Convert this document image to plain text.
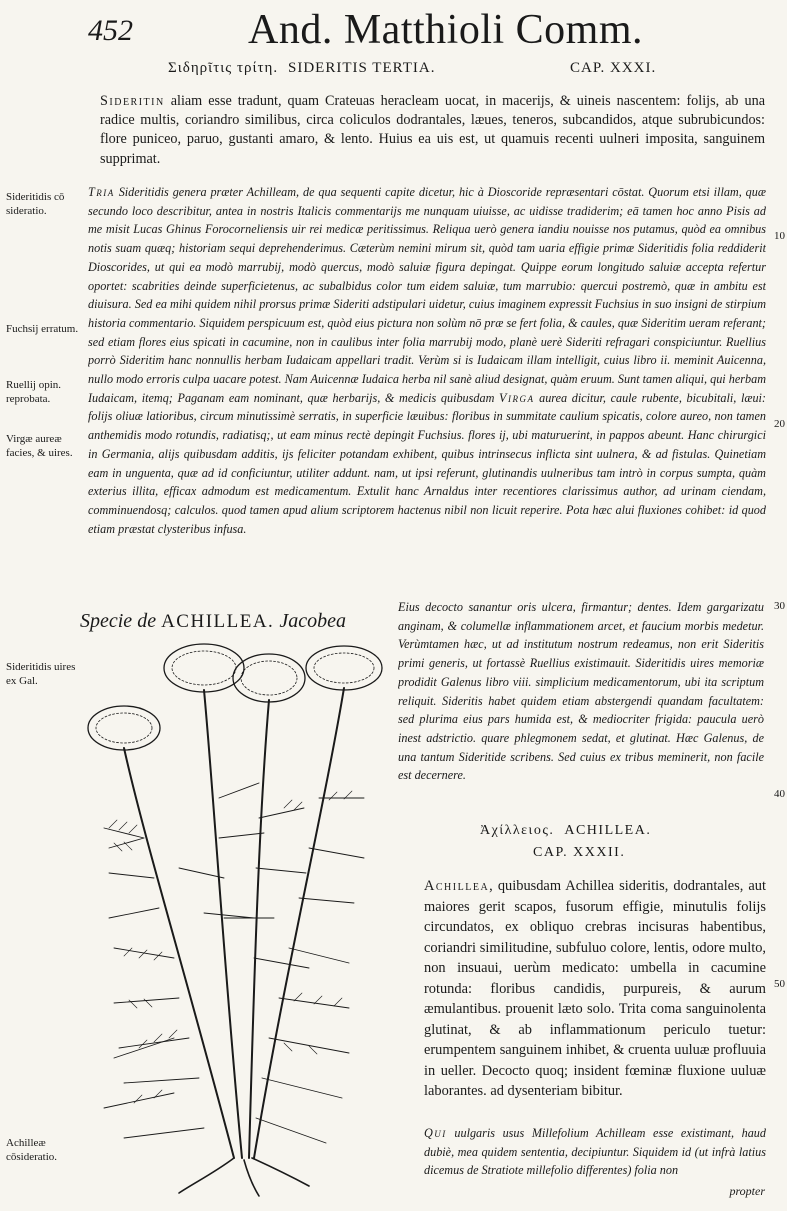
452	And. Matthioli Comm.
Σιδηρῖτις τρίτη. SIDERITIS TERTIA.	CAP. XXXI.
Sideritin aliam esse tradunt, quam Crateuas heracleam uocat, in macerijs, & uineis nascentem: folijs, ab una radice multis, coriandro similibus, circa coliculos dodrantales, læues, teneros, subcandidos, atque subrubicundos: flore puniceo, paruo, gustanti amaro, & lento. Huius ea uis est, ut quamuis recenti uulneri imposita, sanguinem supprimat.
Sideritidis cō sideratio.
Fuchsij erratum.
Ruellij opin. reprobata.
Virgæ aureæ facies, & uires.
Sideritidis uires ex Gal.
Achilleæ cōsideratio.
10
20
30
40
50
Tria Sideritidis genera præter Achilleam, de qua sequenti capite dicetur, hic à Dioscoride repræsentari cōstat. Quorum etsi illam, quæ secundo loco describitur, antea in nostris Italicis commentarijs me nunquam uiuisse, ac uidisse tradiderim; eā tamen hoc anno Pisis ad me misit Lucas Ghinus Forocorneliensis uir rei medicæ peritissimus. Reliqua uerò genera iandiu nouisse nos putamus, quòd ea omnibus notis suam quæq; historiam sequi deprehenderimus. Cæterùm nemini mirum sit, quòd tam uaria effigie primæ Sideritidis folia reddiderit Dioscorides, ut qui ea modò marrubij, modò quercus, modò saluiæ figura depingat. Quippe eorum longitudo saluiæ accepta refertur oportet: scabrities deinde superficietenus, ac subalbidus color tum eidem saluiæ, tum marrubio: quercui postremò, quæ in ambitu est diuisura. Sed ea mihi quidem nihil prorsus primæ Sideriti adstipulari uidetur, cuius imaginem expressit Fuchsius in suo insigni de stirpium historia commentario. Siquidem perspicuum est, quòd eius pictura non solùm nō præ se fert folia, & caules, quæ Sideritim ueram referant; sed etiam flores eius spicati in cacumine, non in caulibus inter folia marrubij modo, planè uerè Sideriti refragari conspiciuntur. Ruellius porrò Sideritim hanc nonnullis herbam Iudaicam appellari tradit. Verùm si is Iudaicam illam intelligit, cuius libro ii. meminit Auicenna, nullo modo erroris culpa uacare potest. Nam Auicennæ Iudaica herba nil sanè aliud designat, quàm eruum. Sunt tamen aliqui, qui herbam Iudaicam, itemq; Paganam eam nominant, quæ herbarijs, & medicis quibusdam Virga aurea dicitur, caule rubente, bicubitali, læui: folijs oliuæ latioribus, circum minutissimè serratis, in superficie læuibus: floribus in summitate caulium spicatis, colore aureo, non tamen anthemidis modo rotundis, radiatisq;, ut eam minus rectè depingit Fuchsius. flores ij, ubi maturuerint, in pappos abeunt. Hanc chirurgici in Germania, alijs quibusdam additis, ijs feliciter potandam exhibent, quibus intrinsecus inflicta sint uulnera, & ad fistulas. Quinetiam eam in unguenta, quæ ad id conficiuntur, utiliter addunt. nam, ut ipsi referunt, glutinandis uulneribus tam intrò in corpus sumpta, quàm exterius illita, efficax admodum est medicamentum. Extulit hanc Arnaldus inter recentiores clarissimus author, ad urinam ciendam, comminuendosq; calculos. quod tamen apud alium scriptorem hactenus nibil non licuit reperire. Pota hæc alui fluxiones cohibet: id quod etiam præstat clysteribus infusa.
Eius decocto sanantur oris ulcera, firmantur; dentes. Idem gargarizatu anginam, & columellæ inflammationem arcet, et faucium morbis medetur. Verùmtamen hæc, ut ad institutum nostrum redeamus, non erit Sideritis primi generis, ut fortassè Ruellius existimauit. Sideritidis uires memoriæ prodidit Galenus libro viii. simplicium medicamentorum, ubi ita scriptum reliquit. Sideritis habet quidem etiam abstergendi quandam facultatem: sed plurima eius pars humida est, & mediocriter frigida: paucula uerò inest adstrictio. quare phlegmonem sedat, et glutinat. Hæc Galenus, de una tantum Sideritide scribens. Sed cuius ex tribus meminerit, non facile est decernere.
Specie de ACHILLEA. Jacobea
Ἀχίλλειος. ACHILLEA.
CAP. XXXII.
Achillea, quibusdam Achillea sideritis, dodrantales, aut maiores gerit scapos, fusorum effigie, minutulis folijs circundatos, ex obliquo crebras incisuras habentibus, coriandri similitudine, subfuluo colore, lentis, odore multo, non insuaui, uerùm medicato: umbella in cacumine rotunda: floribus candidis, purpureis, & aurum æmulantibus. prouenit læto solo. Trita coma sanguinolenta glutinat, & ab inflammationum periculo tuetur: erumpentem sanguinem inhibet, & cruenta uuluæ profluuia in ueller. Decocto quoq; insident fœminæ fluxione uuluæ laborantes. ad dysenteriam bibitur.
Qui uulgaris usus Millefolium Achilleam esse existimant, haud dubiè, mea quidem sententia, decipiuntur. Siquidem id (ut infrà latius dicemus de Stratiote millefolio differentes) folia non
propter
